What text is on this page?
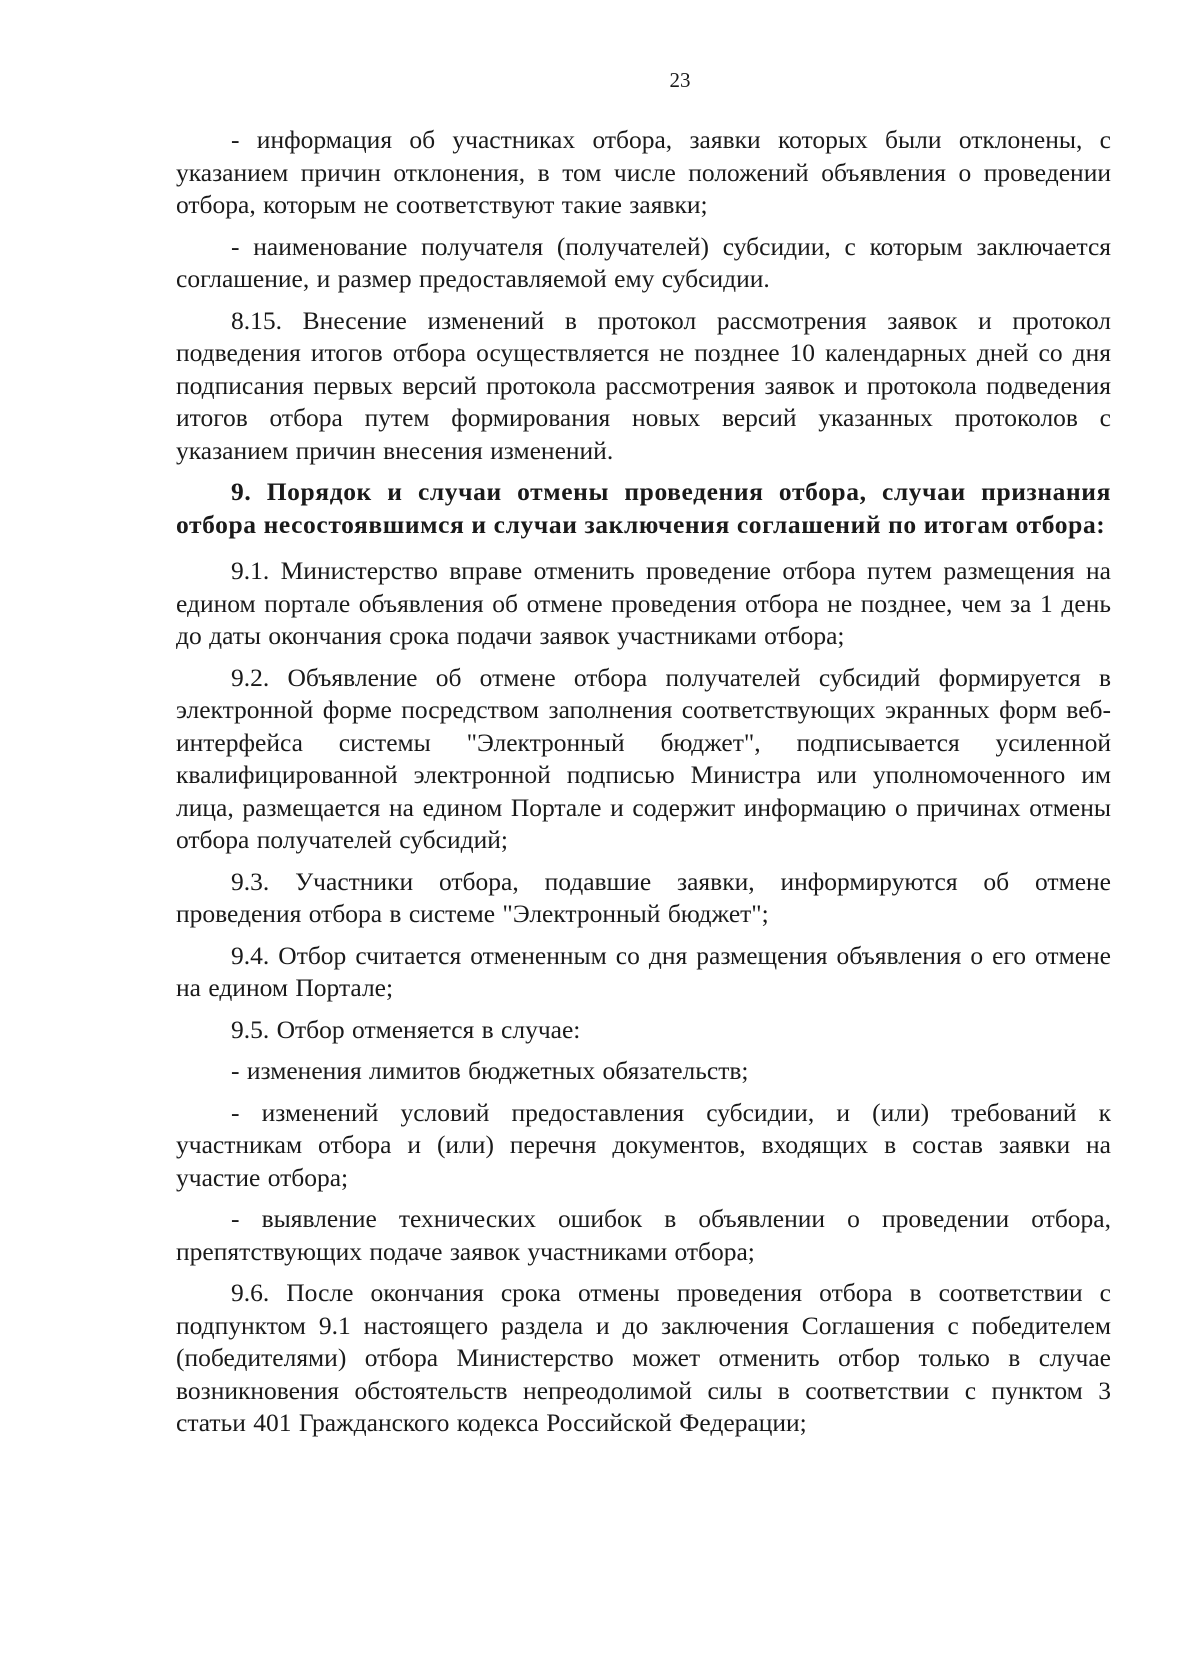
23

- информация об участниках отбора, заявки которых были отклонены, с указанием причин отклонения, в том числе положений объявления о проведении отбора, которым не соответствуют такие заявки;

- наименование получателя (получателей) субсидии, с которым заключается соглашение, и размер предоставляемой ему субсидии.

8.15. Внесение изменений в протокол рассмотрения заявок и протокол подведения итогов отбора осуществляется не позднее 10 календарных дней со дня подписания первых версий протокола рассмотрения заявок и протокола подведения итогов отбора путем формирования новых версий указанных протоколов с указанием причин внесения изменений.

9. Порядок и случаи отмены проведения отбора, случаи признания отбора несостоявшимся и случаи заключения соглашений по итогам отбора:

9.1. Министерство вправе отменить проведение отбора путем размещения на едином портале объявления об отмене проведения отбора не позднее, чем за 1 день до даты окончания срока подачи заявок участниками отбора;

9.2. Объявление об отмене отбора получателей субсидий формируется в электронной форме посредством заполнения соответствующих экранных форм веб-интерфейса системы "Электронный бюджет", подписывается усиленной квалифицированной электронной подписью Министра или уполномоченного им лица, размещается на едином Портале и содержит информацию о причинах отмены отбора получателей субсидий;

9.3. Участники отбора, подавшие заявки, информируются об отмене проведения отбора в системе "Электронный бюджет";

9.4. Отбор считается отмененным со дня размещения объявления о его отмене на едином Портале;

9.5. Отбор отменяется в случае:

- изменения лимитов бюджетных обязательств;

- изменений условий предоставления субсидии, и (или) требований к участникам отбора и (или) перечня документов, входящих в состав заявки на участие отбора;

- выявление технических ошибок в объявлении о проведении отбора, препятствующих подаче заявок участниками отбора;

9.6. После окончания срока отмены проведения отбора в соответствии с подпунктом 9.1 настоящего раздела и до заключения Соглашения с победителем (победителями) отбора Министерство может отменить отбор только в случае возникновения обстоятельств непреодолимой силы в соответствии с пунктом 3 статьи 401 Гражданского кодекса Российской Федерации;
